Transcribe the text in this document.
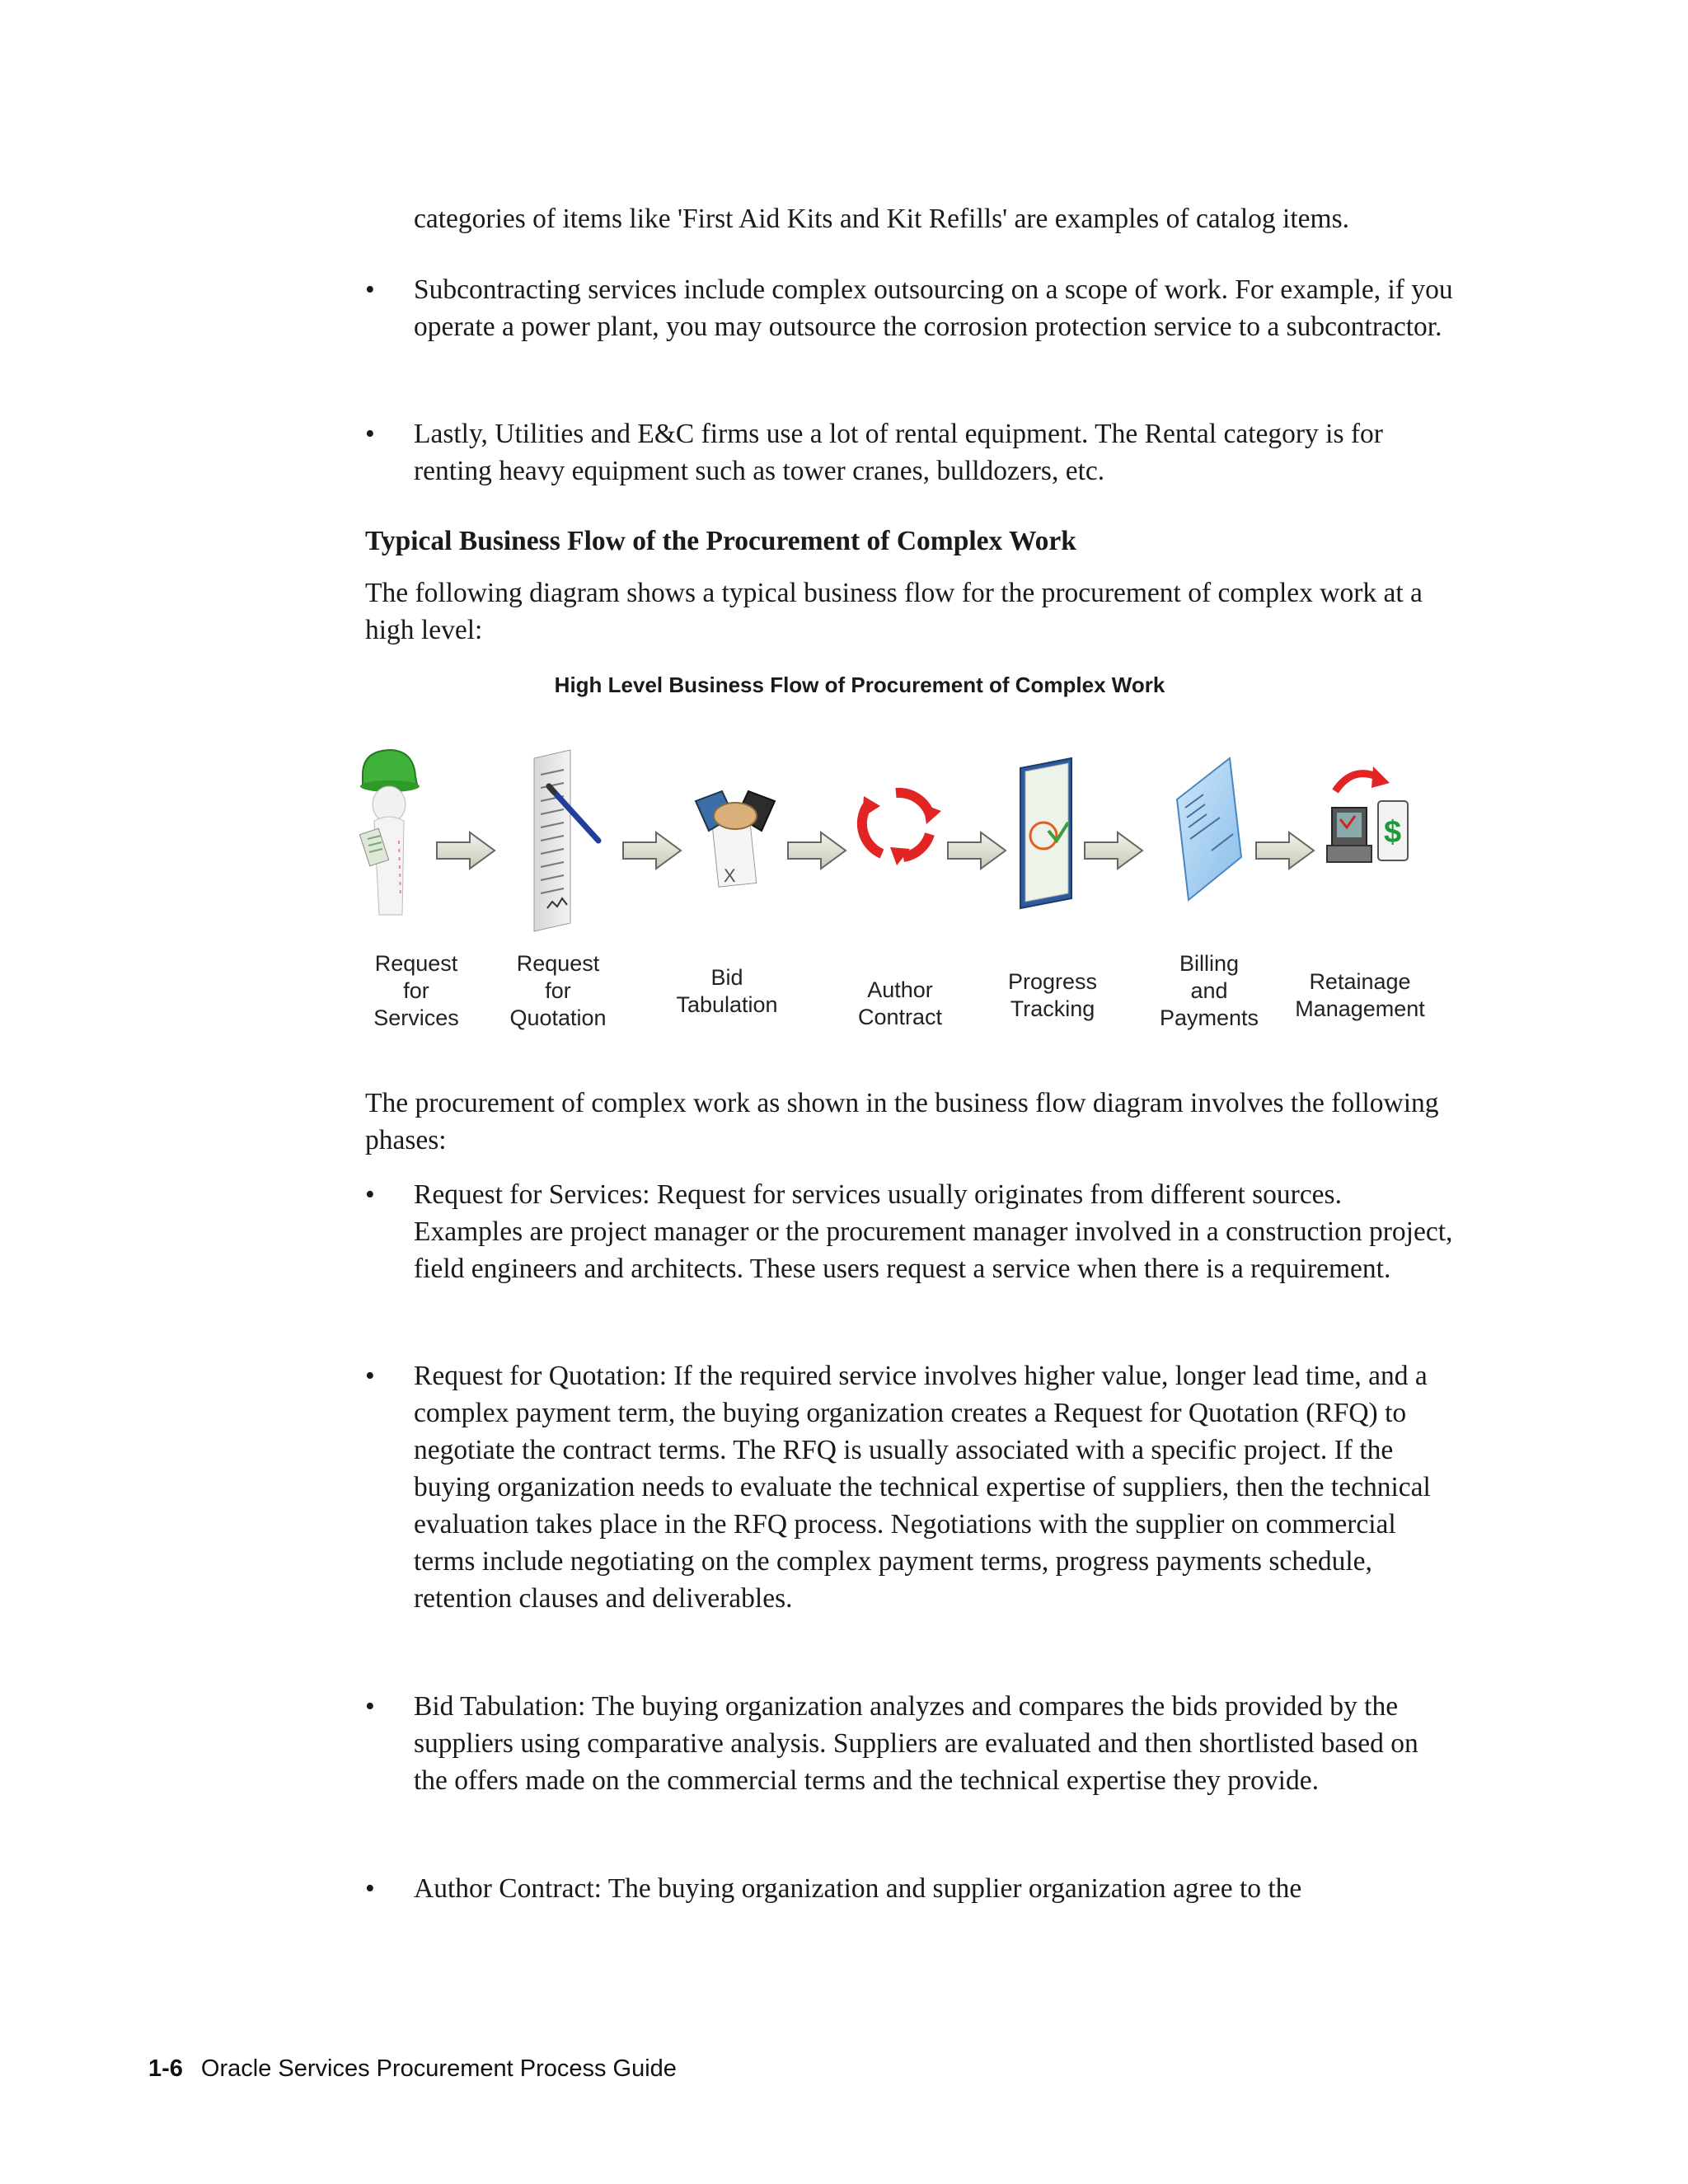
categories of items like 'First Aid Kits and Kit Refills' are examples of catalog items.

• Subcontracting services include complex outsourcing on a scope of work. For example, if you operate a power plant, you may outsource the corrosion protection service to a subcontractor.

• Lastly, Utilities and E&C firms use a lot of rental equipment. The Rental category is for renting heavy equipment such as tower cranes, bulldozers, etc.

Typical Business Flow of the Procurement of Complex Work

The following diagram shows a typical business flow for the procurement of complex work at a high level:

High Level Business Flow of Procurement of Complex Work
X
$
Request
for
Services
Request
for
Quotation
Bid
Tabulation
Author
Contract
Progress
Tracking
Billing
and
Payments
Retainage
Management

The procurement of complex work as shown in the business flow diagram involves the following phases:

• Request for Services: Request for services usually originates from different sources. Examples are project manager or the procurement manager involved in a construction project, field engineers and architects. These users request a service when there is a requirement.

• Request for Quotation: If the required service involves higher value, longer lead time, and a complex payment term, the buying organization creates a Request for Quotation (RFQ) to negotiate the contract terms. The RFQ is usually associated with a specific project. If the buying organization needs to evaluate the technical expertise of suppliers, then the technical evaluation takes place in the RFQ process. Negotiations with the supplier on commercial terms include negotiating on the complex payment terms, progress payments schedule, retention clauses and deliverables.

• Bid Tabulation: The buying organization analyzes and compares the bids provided by the suppliers using comparative analysis. Suppliers are evaluated and then shortlisted based on the offers made on the commercial terms and the technical expertise they provide.

• Author Contract: The buying organization and supplier organization agree to the

1-6 Oracle Services Procurement Process Guide
